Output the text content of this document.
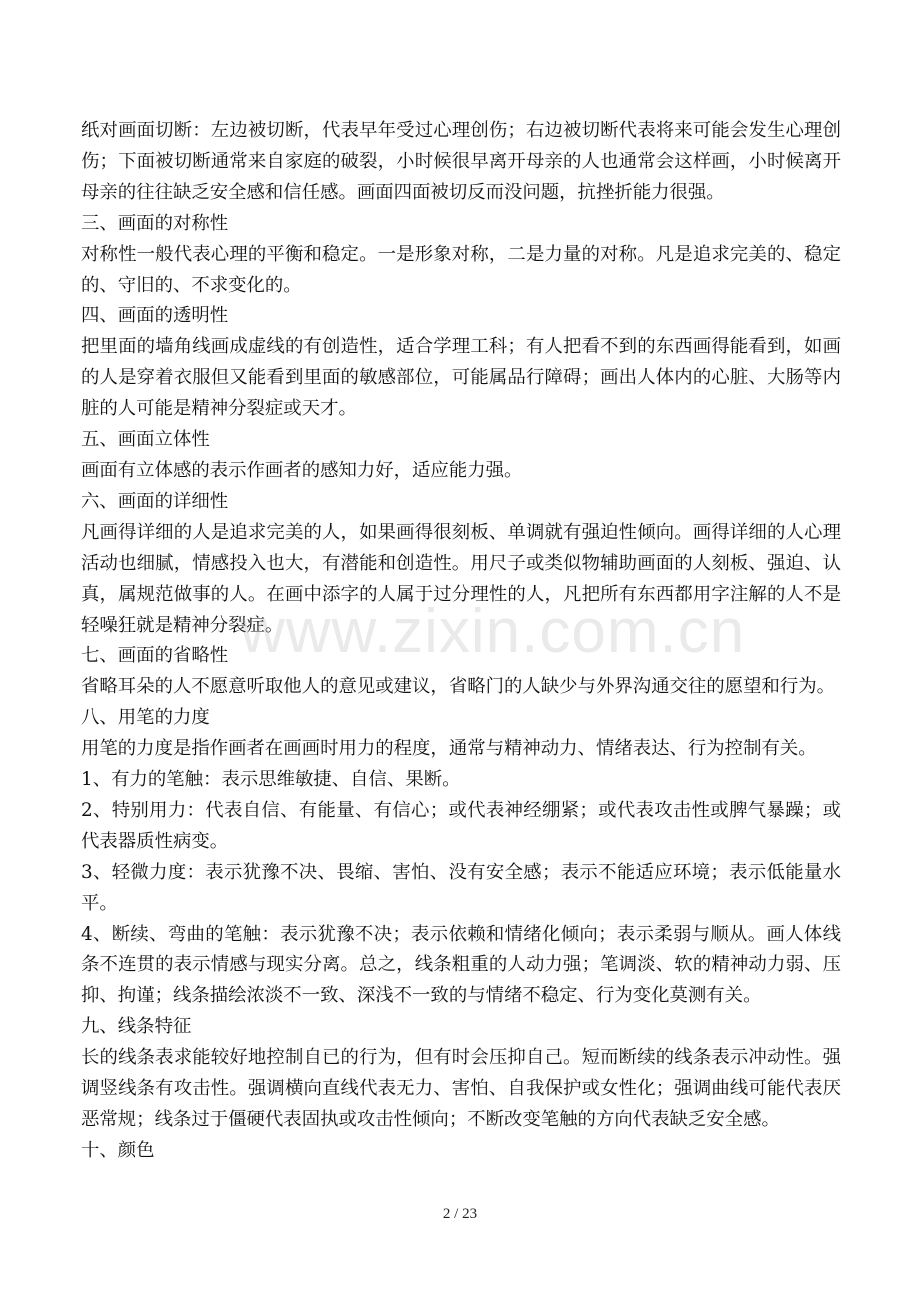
纸对画面切断：左边被切断，代表早年受过心理创伤；右边被切断代表将来可能会发生心理创伤；下面被切断通常来自家庭的破裂，小时候很早离开母亲的人也通常会这样画，小时候离开母亲的往往缺乏安全感和信任感。画面四面被切反而没问题，抗挫折能力很强。

三、画面的对称性

对称性一般代表心理的平衡和稳定。一是形象对称，二是力量的对称。凡是追求完美的、稳定的、守旧的、不求变化的。

四、画面的透明性

把里面的墙角线画成虚线的有创造性，适合学理工科；有人把看不到的东西画得能看到，如画的人是穿着衣服但又能看到里面的敏感部位，可能属品行障碍；画出人体内的心脏、大肠等内脏的人可能是精神分裂症或天才。

五、画面立体性

画面有立体感的表示作画者的感知力好，适应能力强。

六、画面的详细性

凡画得详细的人是追求完美的人，如果画得很刻板、单调就有强迫性倾向。画得详细的人心理活动也细腻，情感投入也大，有潜能和创造性。用尺子或类似物辅助画面的人刻板、强迫、认真，属规范做事的人。在画中添字的人属于过分理性的人，凡把所有东西都用字注解的人不是轻噪狂就是精神分裂症。

七、画面的省略性

省略耳朵的人不愿意听取他人的意见或建议，省略门的人缺少与外界沟通交往的愿望和行为。

八、用笔的力度

用笔的力度是指作画者在画画时用力的程度，通常与精神动力、情绪表达、行为控制有关。

1、有力的笔触：表示思维敏捷、自信、果断。

2、特别用力：代表自信、有能量、有信心；或代表神经绷紧；或代表攻击性或脾气暴躁；或代表器质性病变。

3、轻微力度：表示犹豫不决、畏缩、害怕、没有安全感；表示不能适应环境；表示低能量水平。

4、断续、弯曲的笔触：表示犹豫不决；表示依赖和情绪化倾向；表示柔弱与顺从。画人体线条不连贯的表示情感与现实分离。总之，线条粗重的人动力强；笔调淡、软的精神动力弱、压抑、拘谨；线条描绘浓淡不一致、深浅不一致的与情绪不稳定、行为变化莫测有关。

九、线条特征

长的线条表求能较好地控制自已的行为，但有时会压抑自己。短而断续的线条表示冲动性。强调竖线条有攻击性。强调横向直线代表无力、害怕、自我保护或女性化；强调曲线可能代表厌恶常规；线条过于僵硬代表固执或攻击性倾向；不断改变笔触的方向代表缺乏安全感。

十、颜色

www.zixin.com.cn
2 / 23
